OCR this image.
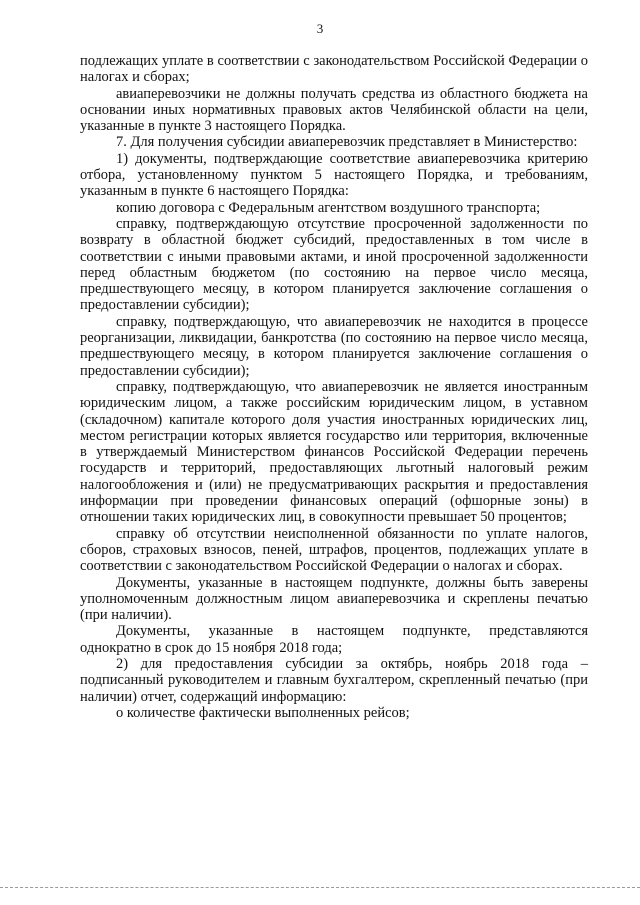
3

подлежащих уплате в соответствии с законодательством Российской Федерации о налогах и сборах;

авиаперевозчики не должны получать средства из областного бюджета на основании иных нормативных правовых актов Челябинской области на цели, указанные в пункте 3 настоящего Порядка.

7. Для получения субсидии авиаперевозчик представляет в Министерство:

1) документы, подтверждающие соответствие авиаперевозчика критерию отбора, установленному пунктом 5 настоящего Порядка, и требованиям, указанным в пункте 6 настоящего Порядка:

копию договора с Федеральным агентством воздушного транспорта;

справку, подтверждающую отсутствие просроченной задолженности по возврату в областной бюджет субсидий, предоставленных в том числе в соответствии с иными правовыми актами, и иной просроченной задолженности перед областным бюджетом (по состоянию на первое число месяца, предшествующего месяцу, в котором планируется заключение соглашения о предоставлении субсидии);

справку, подтверждающую, что авиаперевозчик не находится в процессе реорганизации, ликвидации, банкротства (по состоянию на первое число месяца, предшествующего месяцу, в котором планируется заключение соглашения о предоставлении субсидии);

справку, подтверждающую, что авиаперевозчик не является иностранным юридическим лицом, а также российским юридическим лицом, в уставном (складочном) капитале которого доля участия иностранных юридических лиц, местом регистрации которых является государство или территория, включенные в утверждаемый Министерством финансов Российской Федерации перечень государств и территорий, предоставляющих льготный налоговый режим налогообложения и (или) не предусматривающих раскрытия и предоставления информации при проведении финансовых операций (офшорные зоны) в отношении таких юридических лиц, в совокупности превышает 50 процентов;

справку об отсутствии неисполненной обязанности по уплате налогов, сборов, страховых взносов, пеней, штрафов, процентов, подлежащих уплате в соответствии с законодательством Российской Федерации о налогах и сборах.

Документы, указанные в настоящем подпункте, должны быть заверены уполномоченным должностным лицом авиаперевозчика и скреплены печатью (при наличии).

Документы, указанные в настоящем подпункте, представляются однократно в срок до 15 ноября 2018 года;

2) для предоставления субсидии за октябрь, ноябрь 2018 года – подписанный руководителем и главным бухгалтером, скрепленный печатью (при наличии) отчет, содержащий информацию:

о количестве фактически выполненных рейсов;
